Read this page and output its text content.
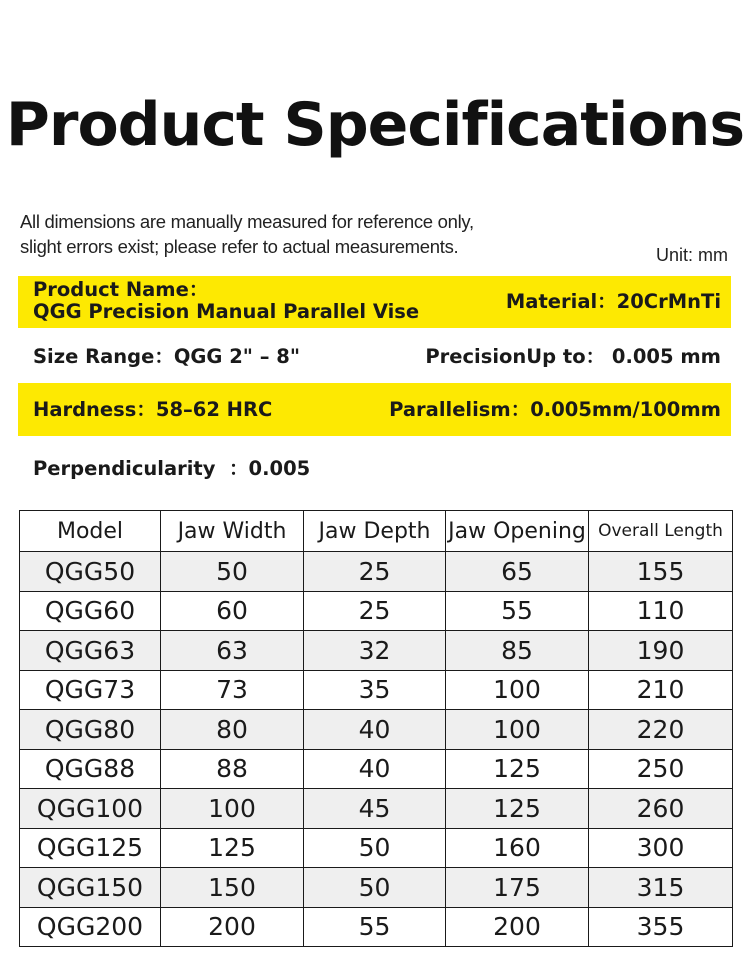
Product Specifications
All dimensions are manually measured for reference only,
slight errors exist; please refer to actual measurements.	Unit: mm
Product Name：
QGG Precision Manual Parallel Vise	Material：20CrMnTi
Size Range：QGG 2" – 8"	PrecisionUp to： 0.005 mm
Hardness：58–62 HRC	Parallelism：0.005mm/100mm
Perpendicularity  ：0.005
Model	Jaw Width	Jaw Depth	Jaw Opening	Overall Length
QGG50	50	25	65	155
QGG60	60	25	55	110
QGG63	63	32	85	190
QGG73	73	35	100	210
QGG80	80	40	100	220
QGG88	88	40	125	250
QGG100	100	45	125	260
QGG125	125	50	160	300
QGG150	150	50	175	315
QGG200	200	55	200	355
